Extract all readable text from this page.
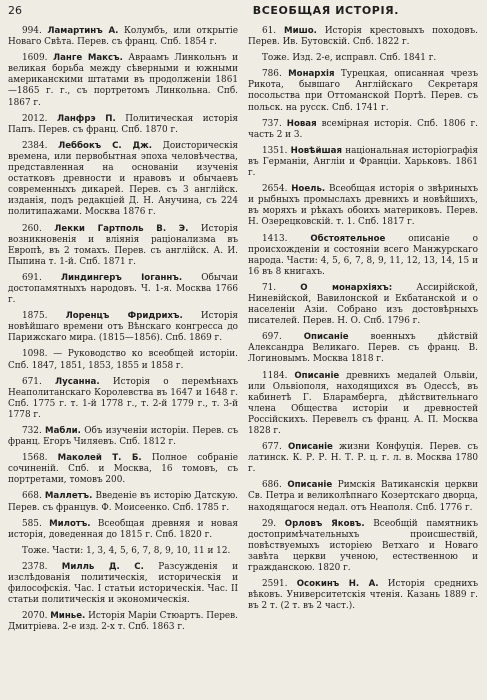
26	ВСЕОБЩАЯ ИСТОРІЯ.

994. Ламартинъ А. Колумбъ, или открытіе Новаго Свѣта. Перев. съ франц. Спб. 1854 г.

1609. Ланге Максъ. Авраамъ Линкольнъ и великая борьба между сѣверными и южными американскими штатами въ продолженіи 1861—1865 г. г., съ портретомъ Линкольна. Спб. 1867 г.

2012. Ланфрэ П. Политическая исторія Папъ. Перев. съ франц. Спб. 1870 г.

2384. Леббокъ С. Дж. Доисторическія времена, или первобытная эпоха человѣчества, представленная на основаніи изученія остатковъ древности и нравовъ и обычаевъ современныхъ дикарей. Перев. съ 3 англійск. изданія, подъ редакціей Д. Н. Анучина, съ 224 политипажами. Москва 1876 г.

260. Лекки Гартполь В. Э. Исторія возникновенія и вліянія раціонализма въ Европѣ, въ 2 томахъ. Перев. съ англійск. А. И. Пыпина т. 1-й. Спб. 1871 г.

691. Линдингеръ Іоганнъ. Обычаи достопамятныхъ народовъ. Ч. 1-я. Москва 1766 г.

1875. Лоренцъ Фридрихъ. Исторія новѣйшаго времени отъ Вѣнскаго конгресса до Парижскаго мира. (1815—1856). Спб. 1869 г.

1098. — Руководство ко всеобщей исторіи. Спб. 1847, 1851, 1853, 1855 и 1858 г.

671. Лусанна. Исторія о перемѣнахъ Неаполитанскаго Королевства въ 1647 и 1648 г. Спб. 1775 г. т. 1-й 1778 г., т. 2-й 1779 г., т. 3-й 1778 г.

732. Мабли. Объ изученіи исторіи. Перев. съ франц. Егоръ Чиляевъ. Спб. 1812 г.

1568. Маколей Т. Б. Полное собраніе сочиненій. Спб. и Москва, 16 томовъ, съ портретами, томовъ 200.

668. Маллетъ. Введеніе въ исторію Датскую. Перев. съ францув. Ф. Моисеенко. Спб. 1785 г.

585. Милотъ. Всеобщая древняя и новая исторія, доведенная до 1815 г. Спб. 1820 г.

Тоже. Части: 1, 3, 4, 5, 6, 7, 8, 9, 10, 11 и 12.

2378. Милль Д. С. Разсужденія и изслѣдованія политическія, историческія и философскія. Час. I статьи историческія. Час. II статьи политическія и экономическія.

2070. Минье. Исторія Маріи Стюартъ. Перев. Дмитріева. 2-е изд. 2-х т. Спб. 1863 г.

61. Мишо. Исторія крестовыхъ походовъ. Перев. Ив. Бутовскій. Спб. 1822 г.

Тоже. Изд. 2-е, исправл. Спб. 1841 г.

786. Монархія Турецкая, описанная чрезъ Рикота, бывшаго Англійскаго Секретаря посольства при Оттоманской Портѣ. Перев. съ польск. на русск. Спб. 1741 г.

737. Новая всемірная исторія. Спб. 1806 г. часть 2 и 3.

1351. Новѣйшая національная исторіографія въ Германіи, Англіи и Франціи. Харьковъ. 1861 г.

2654. Ноель. Всеобщая исторія о звѣриныхъ и рыбныхъ промыслахъ древнихъ и новѣйшихъ, въ моряхъ и рѣкахъ обоихъ материковъ. Перев. Н. Озерецковскій. т. 1. Спб. 1817 г.

1413.	Обстоятельное	описаніе о происхожденіи и состояніи всего Манжурскаго народа. Части: 4, 5, 6, 7, 8, 9, 11, 12, 13, 14, 15 и 16 въ 8 книгахъ.

71.	О монархіяхъ:	Ассирійской, Ниневійской, Вавилонской и Екбатанской и о населеніи Азіи. Собрано изъ достовѣрныхъ писателей. Перев. Н. О. Спб. 1796 г.

697.	Описаніе военныхъ дѣйствій Александра Великаго. Перев. съ франц. В. Логиновымъ. Москва 1818 г.

1184. Описаніе древнихъ медалей Ольвіи, или Ольвіополя, находящихся въ Одессѣ, въ кабинетѣ Г. Бларамберга, дѣйствительнаго члена Общества исторіи и древностей Россійскихъ. Перевелъ съ франц. А. П. Москва 1828 г.

677. Описаніе жизни Конфуція. Перев. съ латинск. К. Р. Р. Н. Т. Р. ц. г. л. в. Москва 1780 г.

686. Описаніе Римскія Ватиканскія церкви Св. Петра и великолѣпнаго Козертскаго дворца, находящагося недал. отъ Неаполя. Спб. 1776 г.

29. Орловъ Яковъ. Всеобщій памятникъ достопримѣчательныхъ происшествій, повѣствуемыхъ исторіею Ветхаго и Новаго завѣта церкви ученою, естественною и гражданскою. 1820 г.

2591. Осокинъ Н. А. Исторія среднихъ вѣковъ. Университетскія чтенія. Казань 1889 г. въ 2 т. (2 т. въ 2 част.).
